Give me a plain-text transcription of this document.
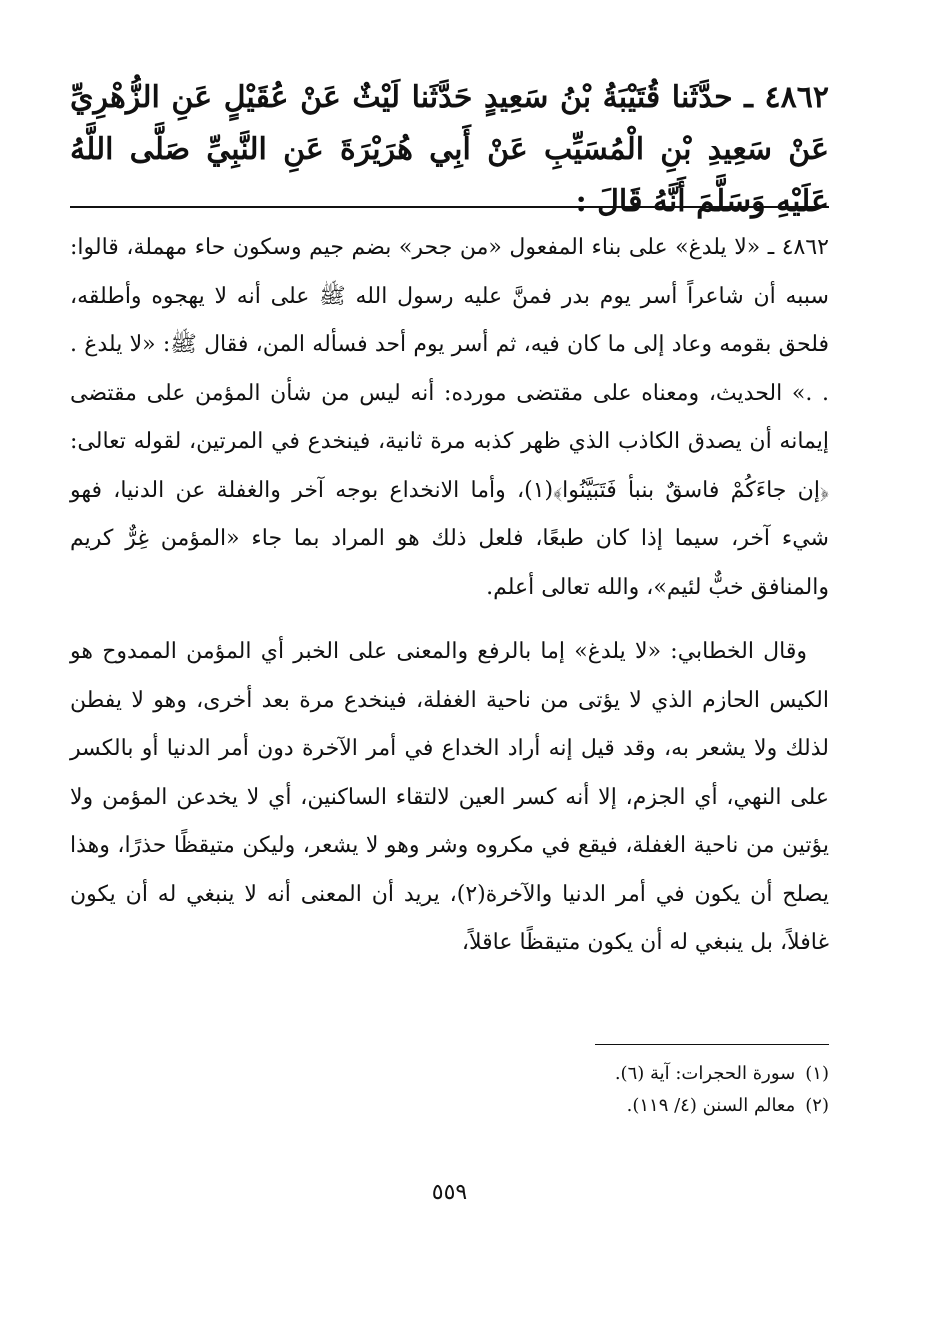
٤٨٦٢ ـ حدَّثَنا قُتَيْبَةُ بْنُ سَعِيدٍ حَدَّثَنا لَيْثٌ عَنْ عُقَيْلٍ عَنِ الزُّهْرِيِّ عَنْ سَعِيدِ بْنِ الْمُسَيِّبِ عَنْ أَبِي هُرَيْرَةَ عَنِ النَّبِيِّ صَلَّى اللَّهُ عَلَيْهِ وَسَلَّمَ أَنَّهُ قَالَ :

٤٨٦٢ ـ «لا يلدغ» على بناء المفعول «من جحر» بضم جيم وسكون حاء مهملة، قالوا: سببه أن شاعراً أسر يوم بدر فمنَّ عليه رسول الله ﷺ على أنه لا يهجوه وأطلقه، فلحق بقومه وعاد إلى ما كان فيه، ثم أسر يوم أحد فسأله المن، فقال ﷺ: «لا يلدغ . . .» الحديث، ومعناه على مقتضى مورده: أنه ليس من شأن المؤمن على مقتضى إيمانه أن يصدق الكاذب الذي ظهر كذبه مرة ثانية، فينخدع في المرتين، لقوله تعالى: ﴿إن جاءَكُمْ فاسقٌ بنبأ فَتَبَيَّنُوا﴾(١)، وأما الانخداع بوجه آخر والغفلة عن الدنيا، فهو شيء آخر، سيما إذا كان طبعًا، فلعل ذلك هو المراد بما جاء «المؤمن غِرٌّ كريم والمنافق خبٌّ لئيم»، والله تعالى أعلم.

وقال الخطابي: «لا يلدغ» إما بالرفع والمعنى على الخبر أي المؤمن الممدوح هو الكيس الحازم الذي لا يؤتى من ناحية الغفلة، فينخدع مرة بعد أخرى، وهو لا يفطن لذلك ولا يشعر به، وقد قيل إنه أراد الخداع في أمر الآخرة دون أمر الدنيا أو بالكسر على النهي، أي الجزم، إلا أنه كسر العين لالتقاء الساكنين، أي لا يخدعن المؤمن ولا يؤتين من ناحية الغفلة، فيقع في مكروه وشر وهو لا يشعر، وليكن متيقظًا حذرًا، وهذا يصلح أن يكون في أمر الدنيا والآخرة(٢)، يريد أن المعنى أنه لا ينبغي له أن يكون غافلاً، بل ينبغي له أن يكون متيقظًا عاقلاً،

(١)سورة الحجرات: آية (٦).
(٢)معالم السنن (٤/ ١١٩).
٥٥٩
